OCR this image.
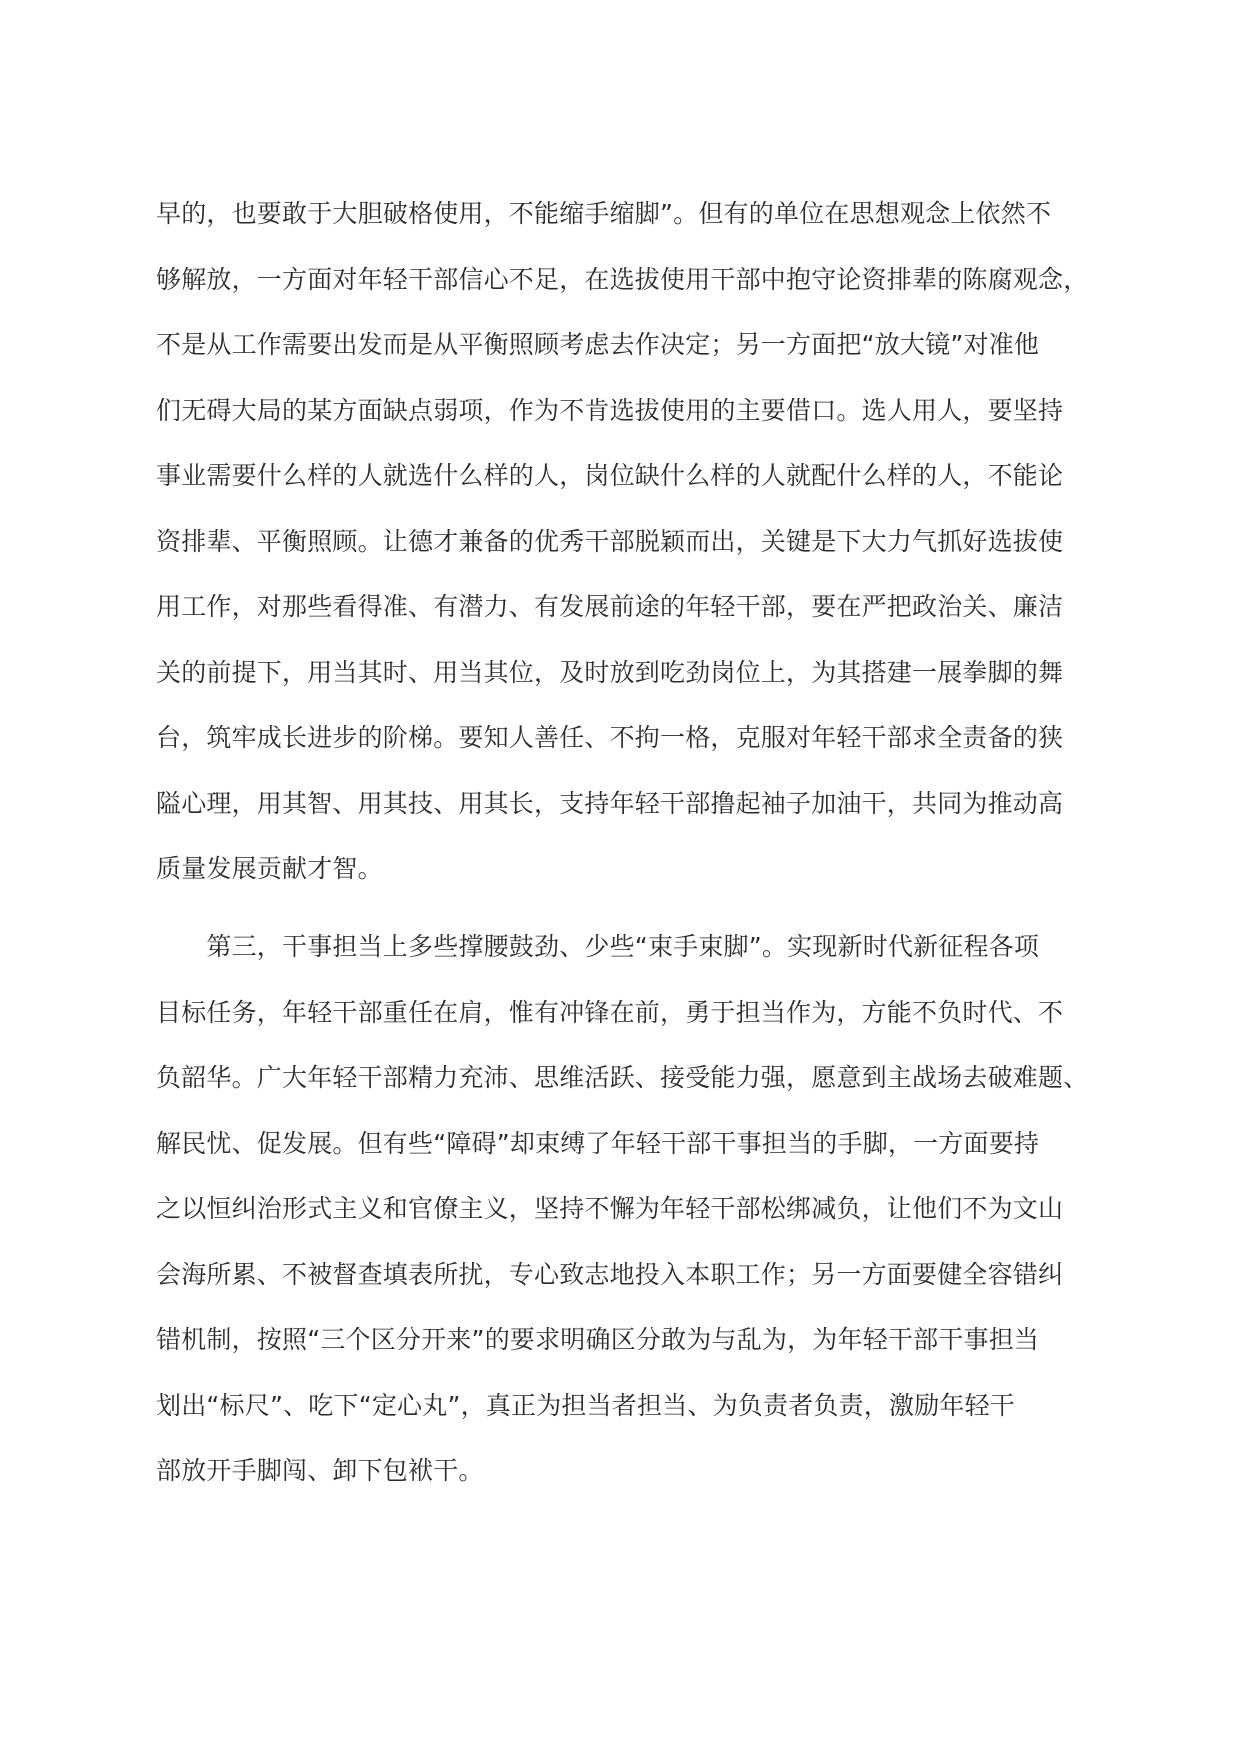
早的，也要敢于大胆破格使用，不能缩手缩脚”。但有的单位在思想观念上依然不
够解放，一方面对年轻干部信心不足，在选拔使用干部中抱守论资排辈的陈腐观念，
不是从工作需要出发而是从平衡照顾考虑去作决定；另一方面把“放大镜”对准他
们无碍大局的某方面缺点弱项，作为不肯选拔使用的主要借口。选人用人，要坚持
事业需要什么样的人就选什么样的人，岗位缺什么样的人就配什么样的人，不能论
资排辈、平衡照顾。让德才兼备的优秀干部脱颖而出，关键是下大力气抓好选拔使
用工作，对那些看得准、有潜力、有发展前途的年轻干部，要在严把政治关、廉洁
关的前提下，用当其时、用当其位，及时放到吃劲岗位上，为其搭建一展拳脚的舞
台，筑牢成长进步的阶梯。要知人善任、不拘一格，克服对年轻干部求全责备的狭
隘心理，用其智、用其技、用其长，支持年轻干部撸起袖子加油干，共同为推动高
质量发展贡献才智。
　　第三，干事担当上多些撑腰鼓劲、少些“束手束脚”。实现新时代新征程各项
目标任务，年轻干部重任在肩，惟有冲锋在前，勇于担当作为，方能不负时代、不
负韶华。广大年轻干部精力充沛、思维活跃、接受能力强，愿意到主战场去破难题、
解民忧、促发展。但有些“障碍”却束缚了年轻干部干事担当的手脚，一方面要持
之以恒纠治形式主义和官僚主义，坚持不懈为年轻干部松绑减负，让他们不为文山
会海所累、不被督查填表所扰，专心致志地投入本职工作；另一方面要健全容错纠
错机制，按照“三个区分开来”的要求明确区分敢为与乱为，为年轻干部干事担当
划出“标尺”、吃下“定心丸”，真正为担当者担当、为负责者负责，激励年轻干
部放开手脚闯、卸下包袱干。
